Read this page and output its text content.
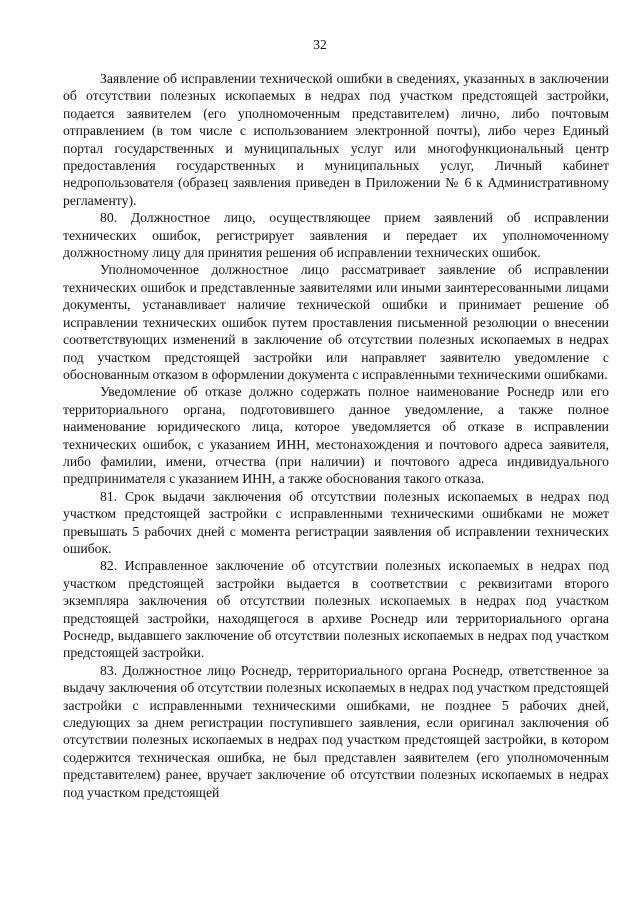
32

Заявление об исправлении технической ошибки в сведениях, указанных в заключении об отсутствии полезных ископаемых в недрах под участком предстоящей застройки, подается заявителем (его уполномоченным представителем) лично, либо почтовым отправлением (в том числе с использованием электронной почты), либо через Единый портал государственных и муниципальных услуг или многофункциональный центр предоставления государственных и муниципальных услуг, Личный кабинет недропользователя (образец заявления приведен в Приложении № 6 к Административному регламенту).

80. Должностное лицо, осуществляющее прием заявлений об исправлении технических ошибок, регистрирует заявления и передает их уполномоченному должностному лицу для принятия решения об исправлении технических ошибок.

Уполномоченное должностное лицо рассматривает заявление об исправлении технических ошибок и представленные заявителями или иными заинтересованными лицами документы, устанавливает наличие технической ошибки и принимает решение об исправлении технических ошибок путем проставления письменной резолюции о внесении соответствующих изменений в заключение об отсутствии полезных ископаемых в недрах под участком предстоящей застройки или направляет заявителю уведомление с обоснованным отказом в оформлении документа с исправленными техническими ошибками.

Уведомление об отказе должно содержать полное наименование Роснедр или его территориального органа, подготовившего данное уведомление, а также полное наименование юридического лица, которое уведомляется об отказе в исправлении технических ошибок, с указанием ИНН, местонахождения и почтового адреса заявителя, либо фамилии, имени, отчества (при наличии) и почтового адреса индивидуального предпринимателя с указанием ИНН, а также обоснования такого отказа.

81. Срок выдачи заключения об отсутствии полезных ископаемых в недрах под участком предстоящей застройки с исправленными техническими ошибками не может превышать 5 рабочих дней с момента регистрации заявления об исправлении технических ошибок.

82. Исправленное заключение об отсутствии полезных ископаемых в недрах под участком предстоящей застройки выдается в соответствии с реквизитами второго экземпляра заключения об отсутствии полезных ископаемых в недрах под участком предстоящей застройки, находящегося в архиве Роснедр или территориального органа Роснедр, выдавшего заключение об отсутствии полезных ископаемых в недрах под участком предстоящей застройки.

83. Должностное лицо Роснедр, территориального органа Роснедр, ответственное за выдачу заключения об отсутствии полезных ископаемых в недрах под участком предстоящей застройки с исправленными техническими ошибками, не позднее 5 рабочих дней, следующих за днем регистрации поступившего заявления, если оригинал заключения об отсутствии полезных ископаемых в недрах под участком предстоящей застройки, в котором содержится техническая ошибка, не был представлен заявителем (его уполномоченным представителем) ранее, вручает заключение об отсутствии полезных ископаемых в недрах под участком предстоящей
